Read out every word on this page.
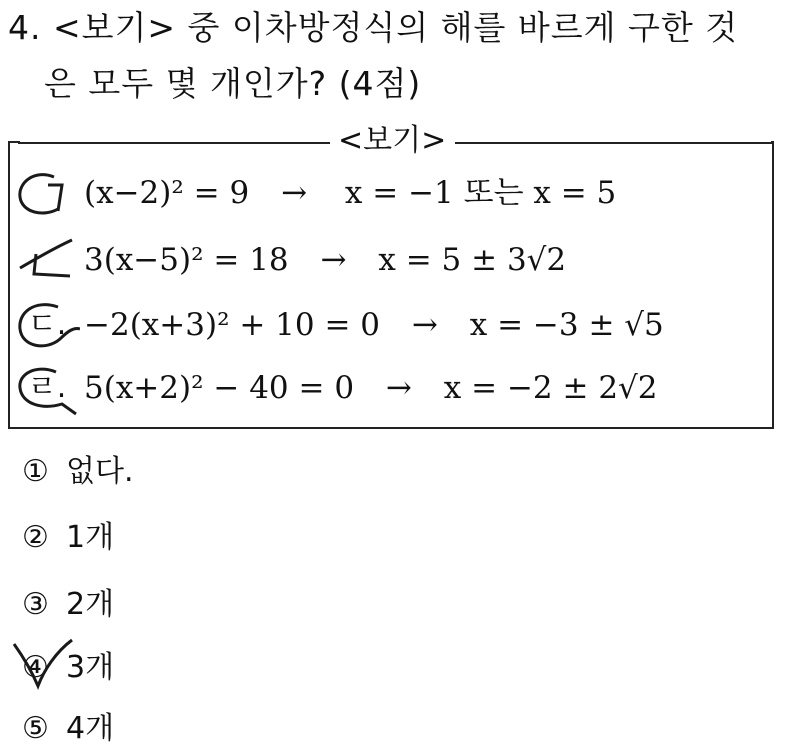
4. <보기> 중 이차방정식의 해를 바르게 구한 것
은 모두 몇 개인가? (4점)
<보기>
(x−2)² = 9 → x = −1 또는 x = 5
3(x−5)² = 18 → x = 5 ± 3√2
ㄷ. −2(x+3)² + 10 = 0 → x = −3 ± √5
ㄹ. 5(x+2)² − 40 = 0 → x = −2 ± 2√2
① 없다.
② 1개
③ 2개
④ 3개
⑤ 4개
